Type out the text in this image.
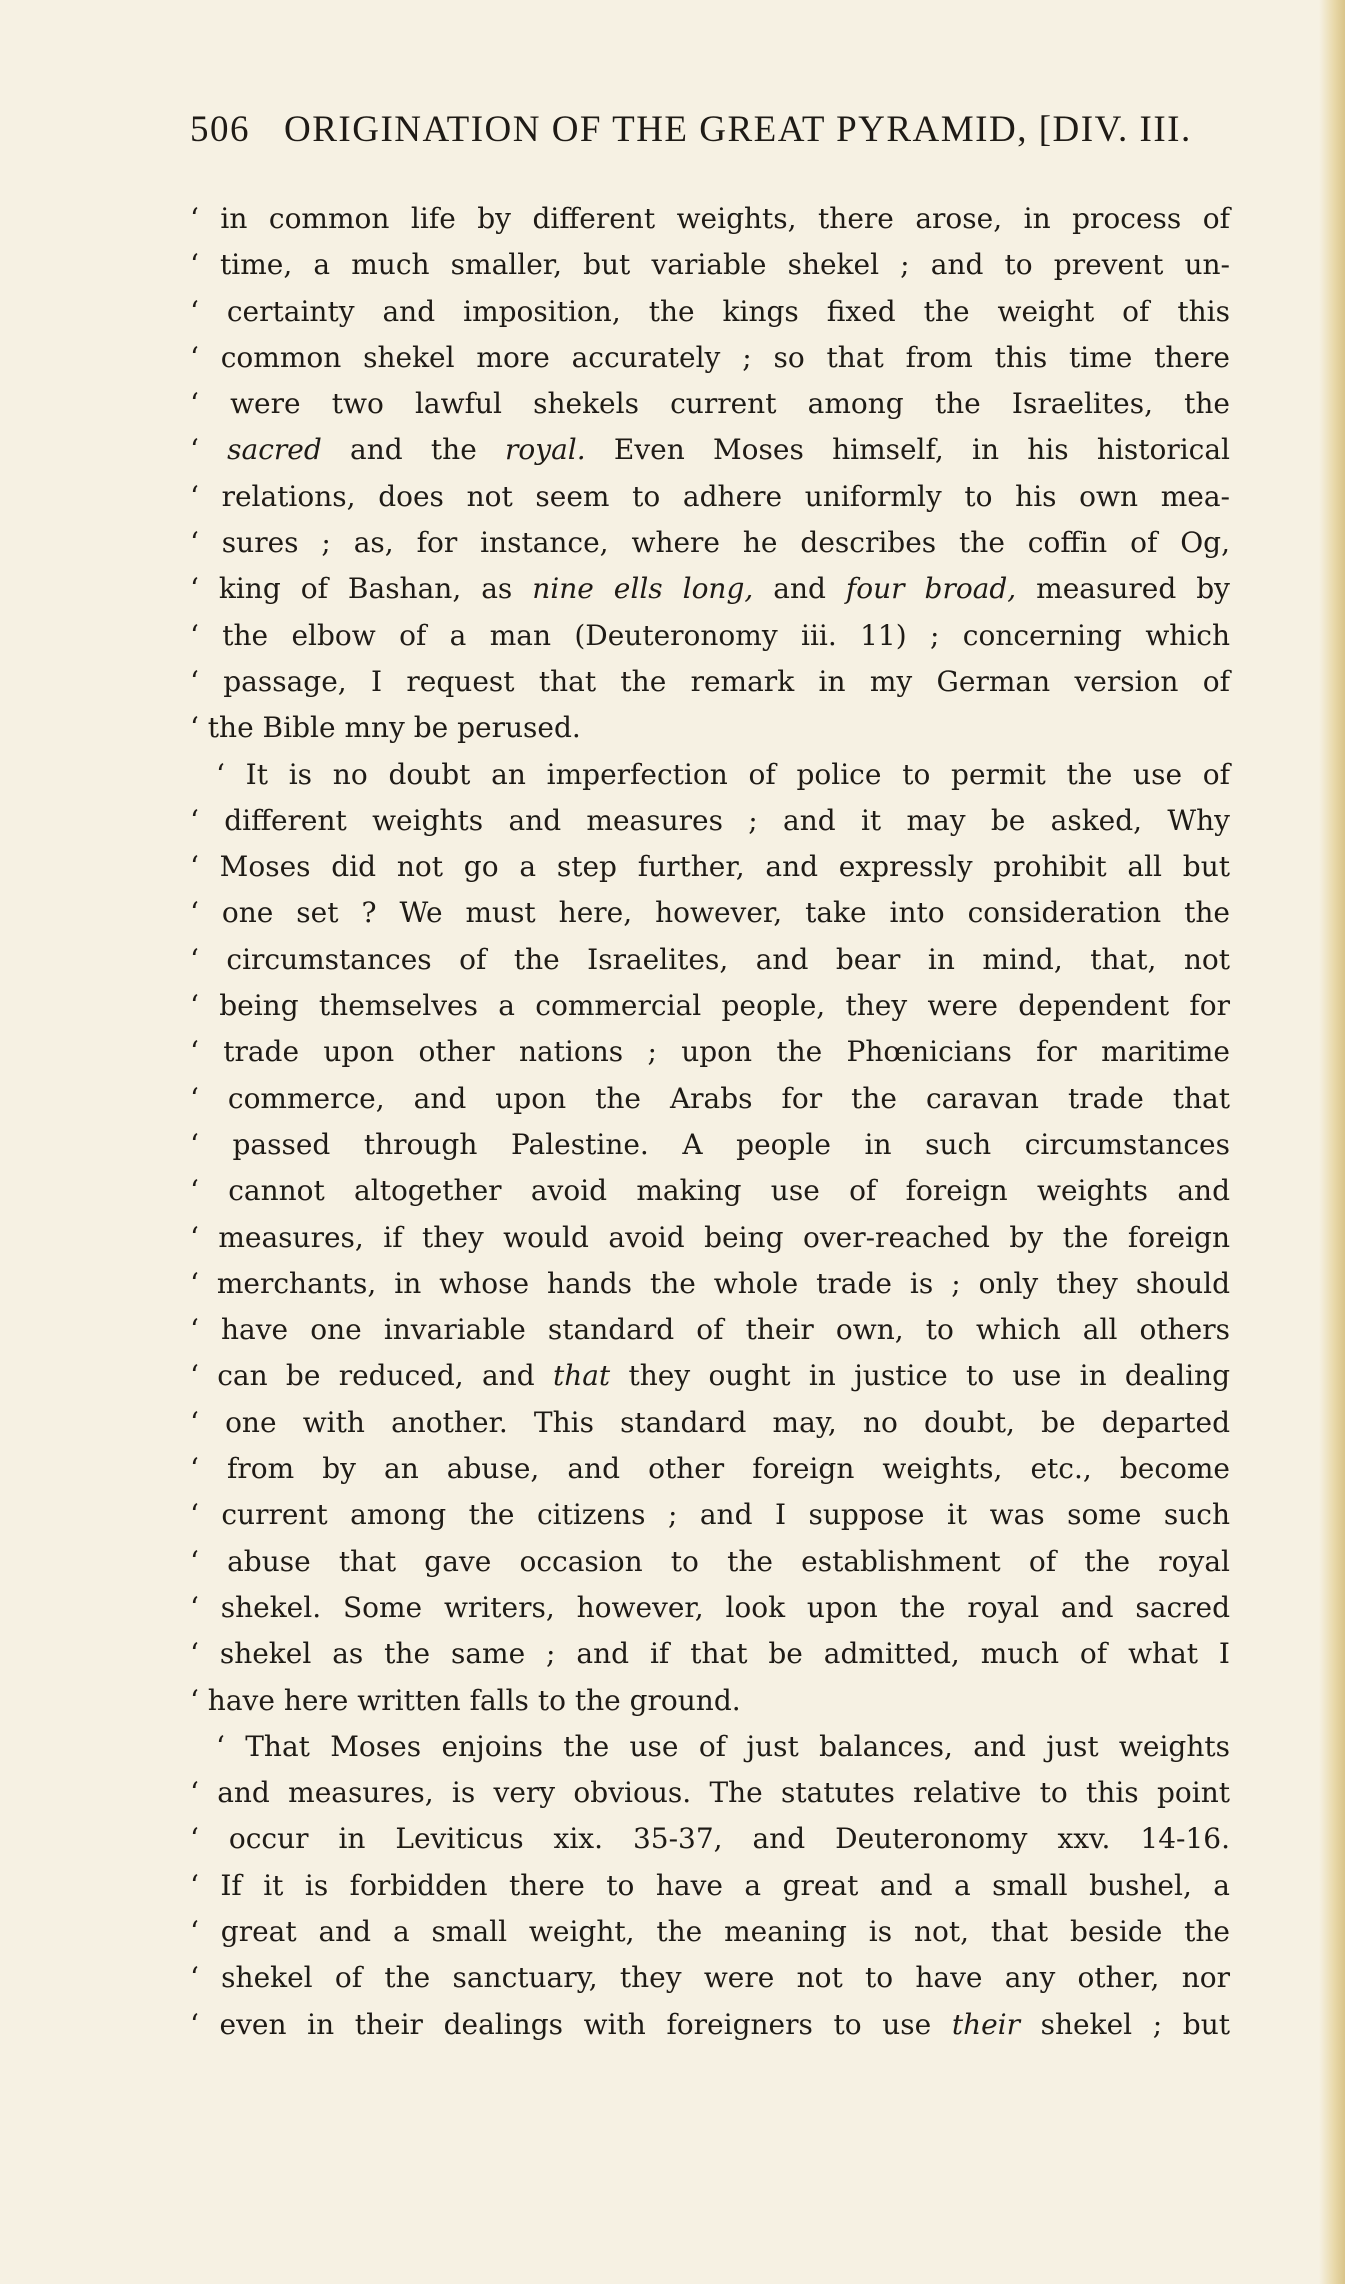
506 ORIGINATION OF THE GREAT PYRAMID, [DIV. III.
‘ in common life by different weights, there arose, in process of
‘ time, a much smaller, but variable shekel ; and to prevent un-
‘ certainty and imposition, the kings fixed the weight of this
‘ common shekel more accurately ; so that from this time there
‘ were two lawful shekels current among the Israelites, the
‘ sacred and the royal. Even Moses himself, in his historical
‘ relations, does not seem to adhere uniformly to his own mea-
‘ sures ; as, for instance, where he describes the coffin of Og,
‘ king of Bashan, as nine ells long, and four broad, measured by
‘ the elbow of a man (Deuteronomy iii. 11) ; concerning which
‘ passage, I request that the remark in my German version of
‘ the Bible mny be perused.
‘ It is no doubt an imperfection of police to permit the use of
‘ different weights and measures ; and it may be asked, Why
‘ Moses did not go a step further, and expressly prohibit all but
‘ one set ? We must here, however, take into consideration the
‘ circumstances of the Israelites, and bear in mind, that, not
‘ being themselves a commercial people, they were dependent for
‘ trade upon other nations ; upon the Phœnicians for maritime
‘ commerce, and upon the Arabs for the caravan trade that
‘ passed through Palestine. A people in such circumstances
‘ cannot altogether avoid making use of foreign weights and
‘ measures, if they would avoid being over-reached by the foreign
‘ merchants, in whose hands the whole trade is ; only they should
‘ have one invariable standard of their own, to which all others
‘ can be reduced, and that they ought in justice to use in dealing
‘ one with another. This standard may, no doubt, be departed
‘ from by an abuse, and other foreign weights, etc., become
‘ current among the citizens ; and I suppose it was some such
‘ abuse that gave occasion to the establishment of the royal
‘ shekel. Some writers, however, look upon the royal and sacred
‘ shekel as the same ; and if that be admitted, much of what I
‘ have here written falls to the ground.
‘ That Moses enjoins the use of just balances, and just weights
‘ and measures, is very obvious. The statutes relative to this point
‘ occur in Leviticus xix. 35-37, and Deuteronomy xxv. 14-16.
‘ If it is forbidden there to have a great and a small bushel, a
‘ great and a small weight, the meaning is not, that beside the
‘ shekel of the sanctuary, they were not to have any other, nor
‘ even in their dealings with foreigners to use their shekel ; but
